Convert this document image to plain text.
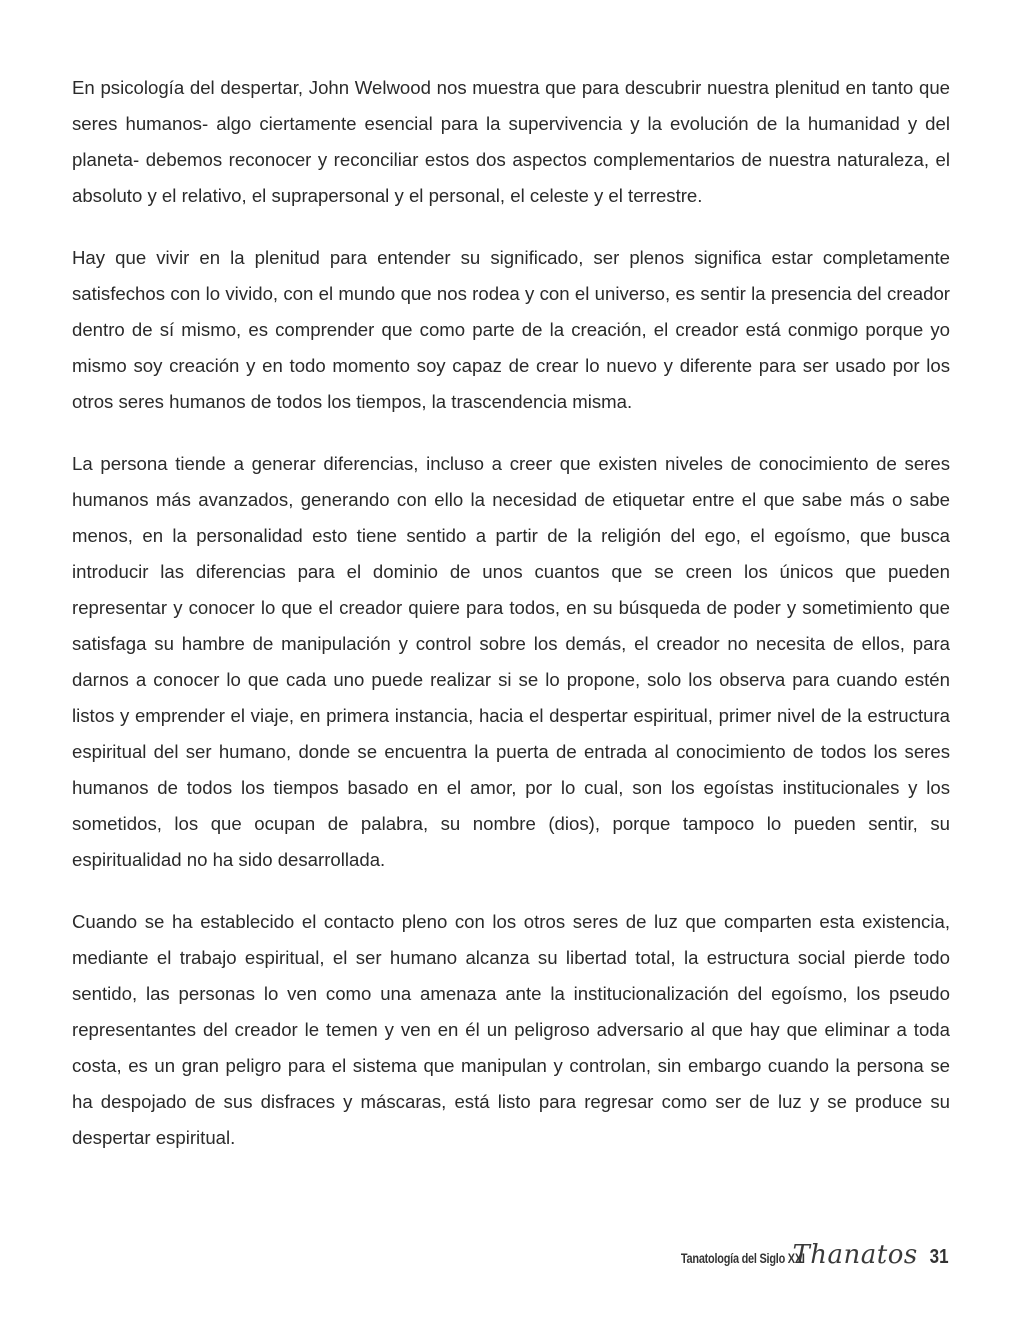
En psicología del despertar, John Welwood nos muestra que para descubrir nuestra plenitud en tanto que seres humanos- algo ciertamente esencial para la supervivencia y la evolución de la humanidad y del planeta- debemos reconocer y reconciliar estos dos aspectos complementarios de nuestra naturaleza, el absoluto y el relativo, el suprapersonal y el personal, el celeste y el terrestre.

Hay que vivir en la plenitud para entender su significado, ser plenos significa estar completamente satisfechos con lo vivido, con el mundo que nos rodea y con el universo, es sentir la presencia del creador dentro de sí mismo, es comprender que como parte de la creación, el creador está conmigo porque yo mismo soy creación y en todo momento soy capaz de crear lo nuevo y diferente para ser usado por los otros seres humanos de todos los tiempos, la trascendencia misma.

La persona tiende a generar diferencias, incluso a creer que existen niveles de conocimiento de seres humanos más avanzados, generando con ello la necesidad de etiquetar entre el que sabe más o sabe menos, en la personalidad esto tiene sentido a partir de la religión del ego, el egoísmo, que busca introducir las diferencias para el dominio de unos cuantos que se creen los únicos que pueden representar y conocer lo que el creador quiere para todos, en su búsqueda de poder y sometimiento que satisfaga su hambre de manipulación y control sobre los demás, el creador no necesita de ellos, para darnos a conocer lo que cada uno puede realizar si se lo propone, solo los observa para cuando estén listos y emprender el viaje, en primera instancia, hacia el despertar espiritual, primer nivel de la estructura espiritual del ser humano, donde se encuentra la puerta de entrada al conocimiento de todos los seres humanos de todos los tiempos basado en el amor, por lo cual, son los egoístas institucionales y los sometidos, los que ocupan de palabra, su nombre (dios), porque tampoco lo pueden sentir, su espiritualidad no ha sido desarrollada.

Cuando se ha establecido el contacto pleno con los otros seres de luz que comparten esta existencia, mediante el trabajo espiritual, el ser humano alcanza su libertad total, la estructura social pierde todo sentido, las personas lo ven como una amenaza ante la institucionalización del egoísmo, los pseudo representantes del creador le temen y ven en él un peligroso adversario al que hay que eliminar a toda costa, es un gran peligro para el sistema que manipulan y controlan, sin embargo cuando la persona se ha despojado de sus disfraces y máscaras, está listo para regresar como ser de luz y se produce su despertar espiritual.

Tanatología del Siglo XXI
Thanatos 31
